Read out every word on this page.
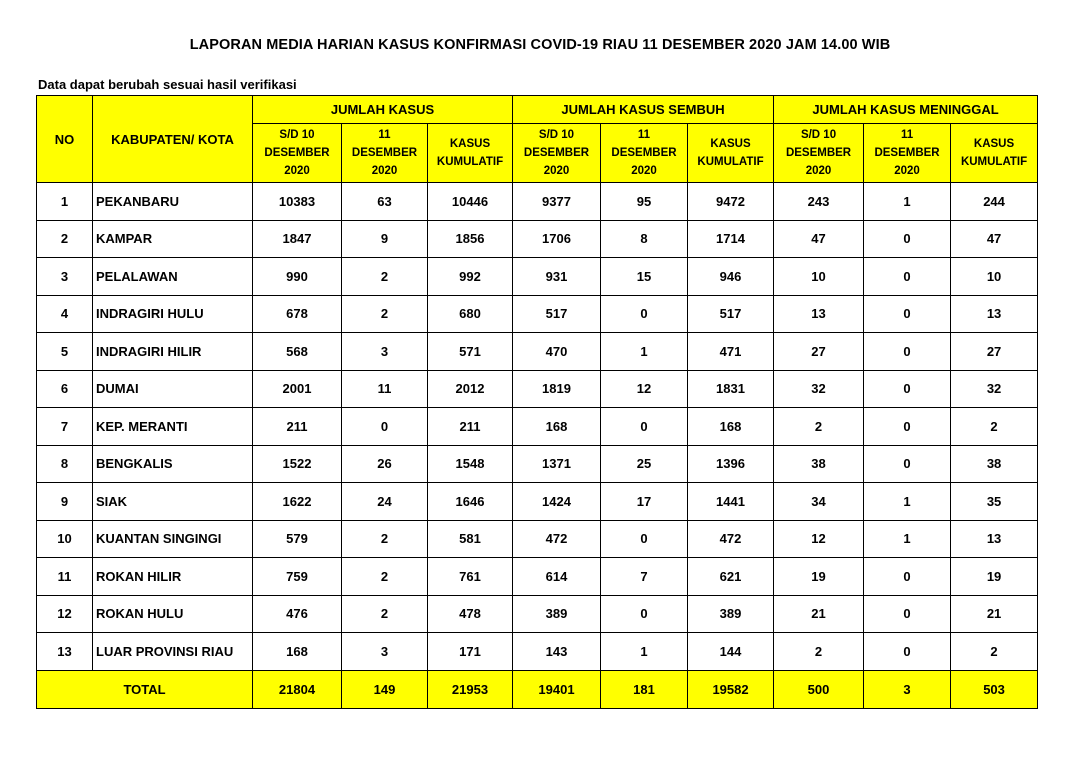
LAPORAN MEDIA HARIAN KASUS KONFIRMASI COVID-19 RIAU 11 DESEMBER 2020 JAM 14.00 WIB
Data dapat berubah sesuai hasil verifikasi
NO	KABUPATEN/ KOTA	JUMLAH KASUS			JUMLAH KASUS SEMBUH			JUMLAH KASUS MENINGGAL		
		S/D 10
DESEMBER
2020	11
DESEMBER
2020	KASUS
KUMULATIF	S/D 10
DESEMBER
2020	11
DESEMBER
2020	KASUS
KUMULATIF	S/D 10
DESEMBER
2020	11
DESEMBER
2020	KASUS
KUMULATIF
1	PEKANBARU	10383	63	10446	9377	95	9472	243	1	244
2	KAMPAR	1847	9	1856	1706	8	1714	47	0	47
3	PELALAWAN	990	2	992	931	15	946	10	0	10
4	INDRAGIRI HULU	678	2	680	517	0	517	13	0	13
5	INDRAGIRI HILIR	568	3	571	470	1	471	27	0	27
6	DUMAI	2001	11	2012	1819	12	1831	32	0	32
7	KEP. MERANTI	211	0	211	168	0	168	2	0	2
8	BENGKALIS	1522	26	1548	1371	25	1396	38	0	38
9	SIAK	1622	24	1646	1424	17	1441	34	1	35
10	KUANTAN SINGINGI	579	2	581	472	0	472	12	1	13
11	ROKAN HILIR	759	2	761	614	7	621	19	0	19
12	ROKAN HULU	476	2	478	389	0	389	21	0	21
13	LUAR PROVINSI RIAU	168	3	171	143	1	144	2	0	2
TOTAL		21804	149	21953	19401	181	19582	500	3	503
